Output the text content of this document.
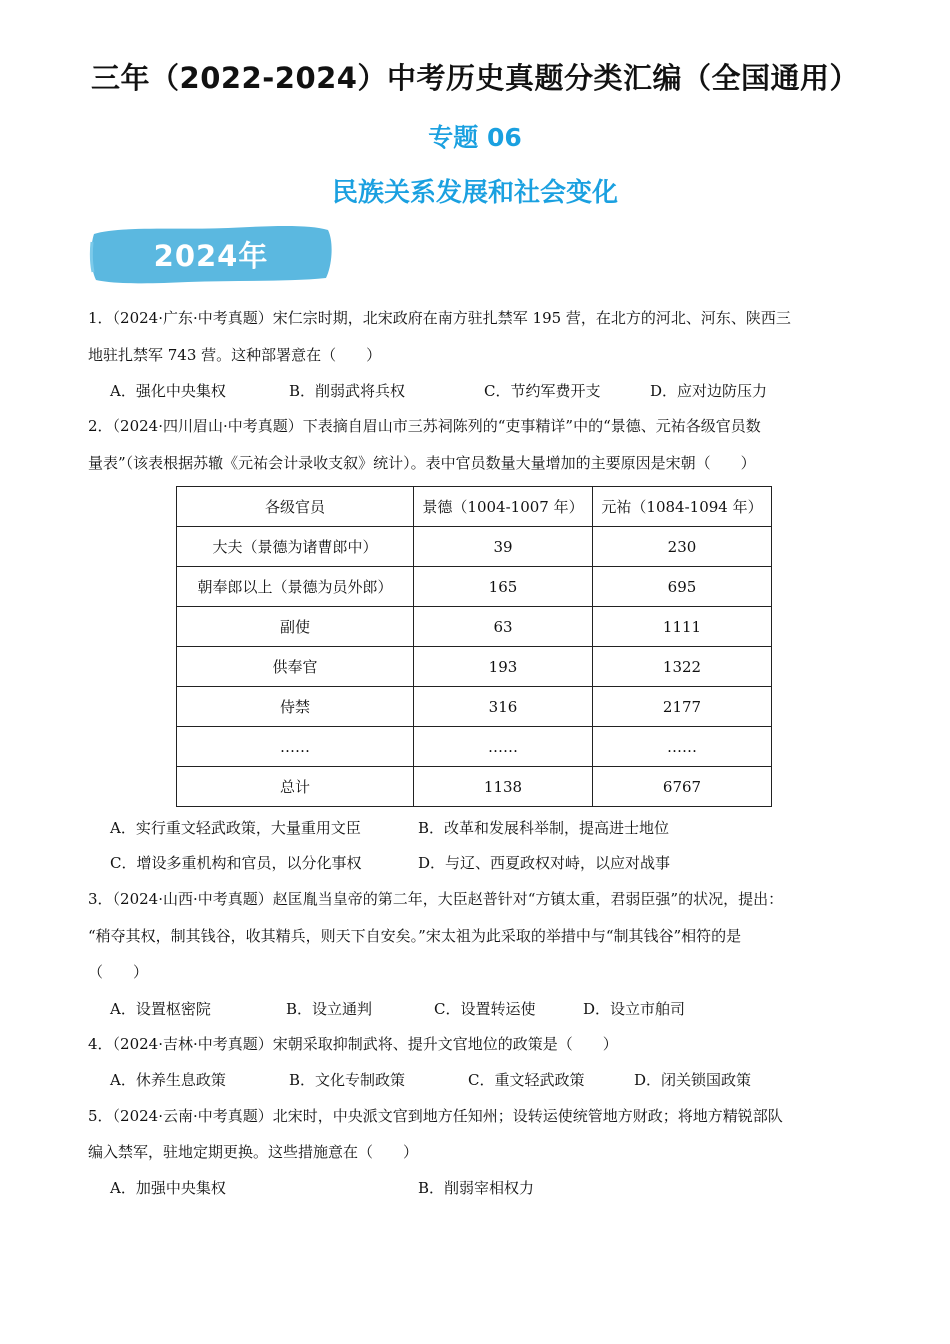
三年（2022-2024）中考历史真题分类汇编（全国通用）
专题 06
民族关系发展和社会变化
2024年
1．（2024·广东·中考真题）宋仁宗时期，北宋政府在南方驻扎禁军 195 营，在北方的河北、河东、陕西三
地驻扎禁军 743 营。这种部署意在（　　）
A．强化中央集权	B．削弱武将兵权	C．节约军费开支	D．应对边防压力
2．（2024·四川眉山·中考真题）下表摘自眉山市三苏祠陈列的“吏事精详”中的“景德、元祐各级官员数
量表”（该表根据苏辙《元祐会计录收支叙》统计）。表中官员数量大量增加的主要原因是宋朝（　　）
各级官员	景德（1004-1007 年）	元祐（1084-1094 年）
大夫（景德为诸曹郎中）	39	230
朝奉郎以上（景德为员外郎）	165	695
副使	63	1111
供奉官	193	1322
侍禁	316	2177
……	……	……
总计	1138	6767
A．实行重文轻武政策，大量重用文臣	B．改革和发展科举制，提高进士地位
C．增设多重机构和官员，以分化事权	D．与辽、西夏政权对峙，以应对战事
3．（2024·山西·中考真题）赵匡胤当皇帝的第二年，大臣赵普针对“方镇太重，君弱臣强”的状况，提出：
“稍夺其权，制其钱谷，收其精兵，则天下自安矣。”宋太祖为此采取的举措中与“制其钱谷”相符的是
（　　）
A．设置枢密院	B．设立通判	C．设置转运使	D．设立市舶司
4．（2024·吉林·中考真题）宋朝采取抑制武将、提升文官地位的政策是（　　）
A．休养生息政策	B．文化专制政策	C．重文轻武政策	D．闭关锁国政策
5．（2024·云南·中考真题）北宋时，中央派文官到地方任知州；设转运使统管地方财政；将地方精锐部队
编入禁军，驻地定期更换。这些措施意在（　　）
A．加强中央集权	B．削弱宰相权力
